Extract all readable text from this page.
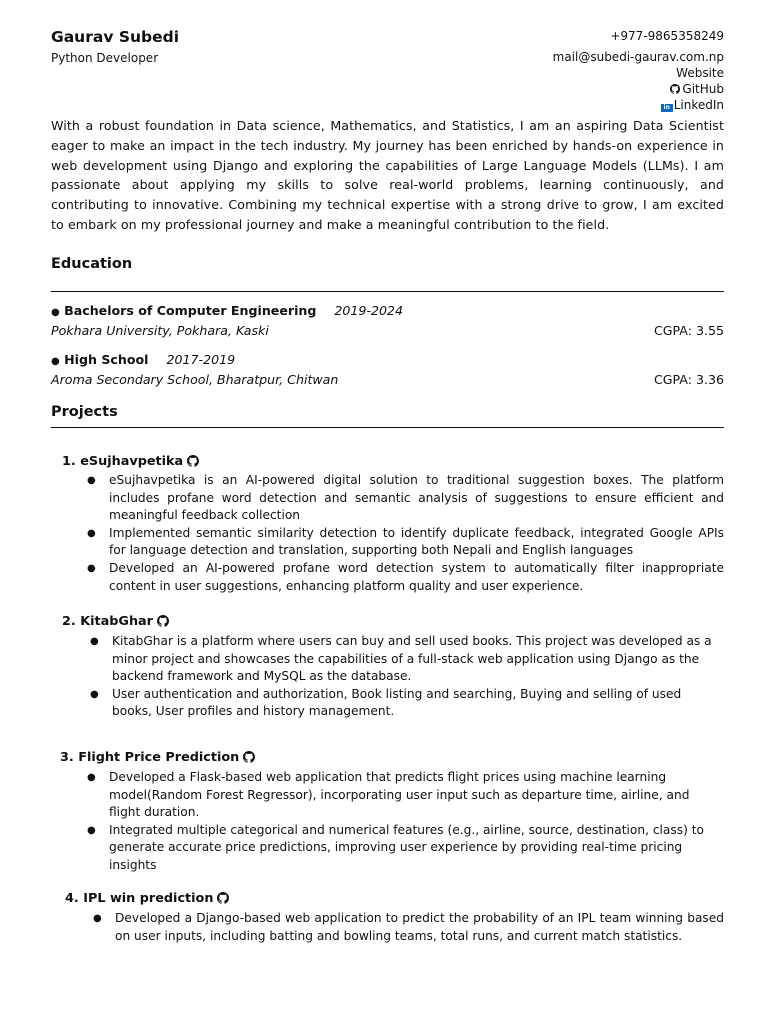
Gaurav Subedi
Python Developer
+977-9865358249
mail@subedi-gaurav.com.np
Website
GitHub
in LinkedIn
With a robust foundation in Data science, Mathematics, and Statistics, I am an aspiring Data Scientist eager to make an impact in the tech industry. My journey has been enriched by hands-on experience in web development using Django and exploring the capabilities of Large Language Models (LLMs). I am passionate about applying my skills to solve real-world problems, learning continuously, and contributing to innovative. Combining my technical expertise with a strong drive to grow, I am excited to embark on my professional journey and make a meaningful contribution to the field.
Education
● Bachelors of Computer Engineering 2019-2024
Pokhara University, Pokhara, Kaski	CGPA: 3.55
● High School 2017-2019
Aroma Secondary School, Bharatpur, Chitwan	CGPA: 3.36
Projects
1. eSujhavpetika
● eSujhavpetika is an AI-powered digital solution to traditional suggestion boxes. The platform includes profane word detection and semantic analysis of suggestions to ensure efficient and meaningful feedback collection
● Implemented semantic similarity detection to identify duplicate feedback, integrated Google APIs for language detection and translation, supporting both Nepali and English languages
● Developed an AI-powered profane word detection system to automatically filter inappropriate content in user suggestions, enhancing platform quality and user experience.
2. KitabGhar
● KitabGhar is a platform where users can buy and sell used books. This project was developed as a minor project and showcases the capabilities of a full-stack web application using Django as the backend framework and MySQL as the database.
● User authentication and authorization, Book listing and searching, Buying and selling of used books, User profiles and history management.
3. Flight Price Prediction
● Developed a Flask-based web application that predicts flight prices using machine learning model(Random Forest Regressor), incorporating user input such as departure time, airline, and flight duration.
● Integrated multiple categorical and numerical features (e.g., airline, source, destination, class) to generate accurate price predictions, improving user experience by providing real-time pricing insights
4. IPL win prediction
● Developed a Django-based web application to predict the probability of an IPL team winning based on user inputs, including batting and bowling teams, total runs, and current match statistics.
